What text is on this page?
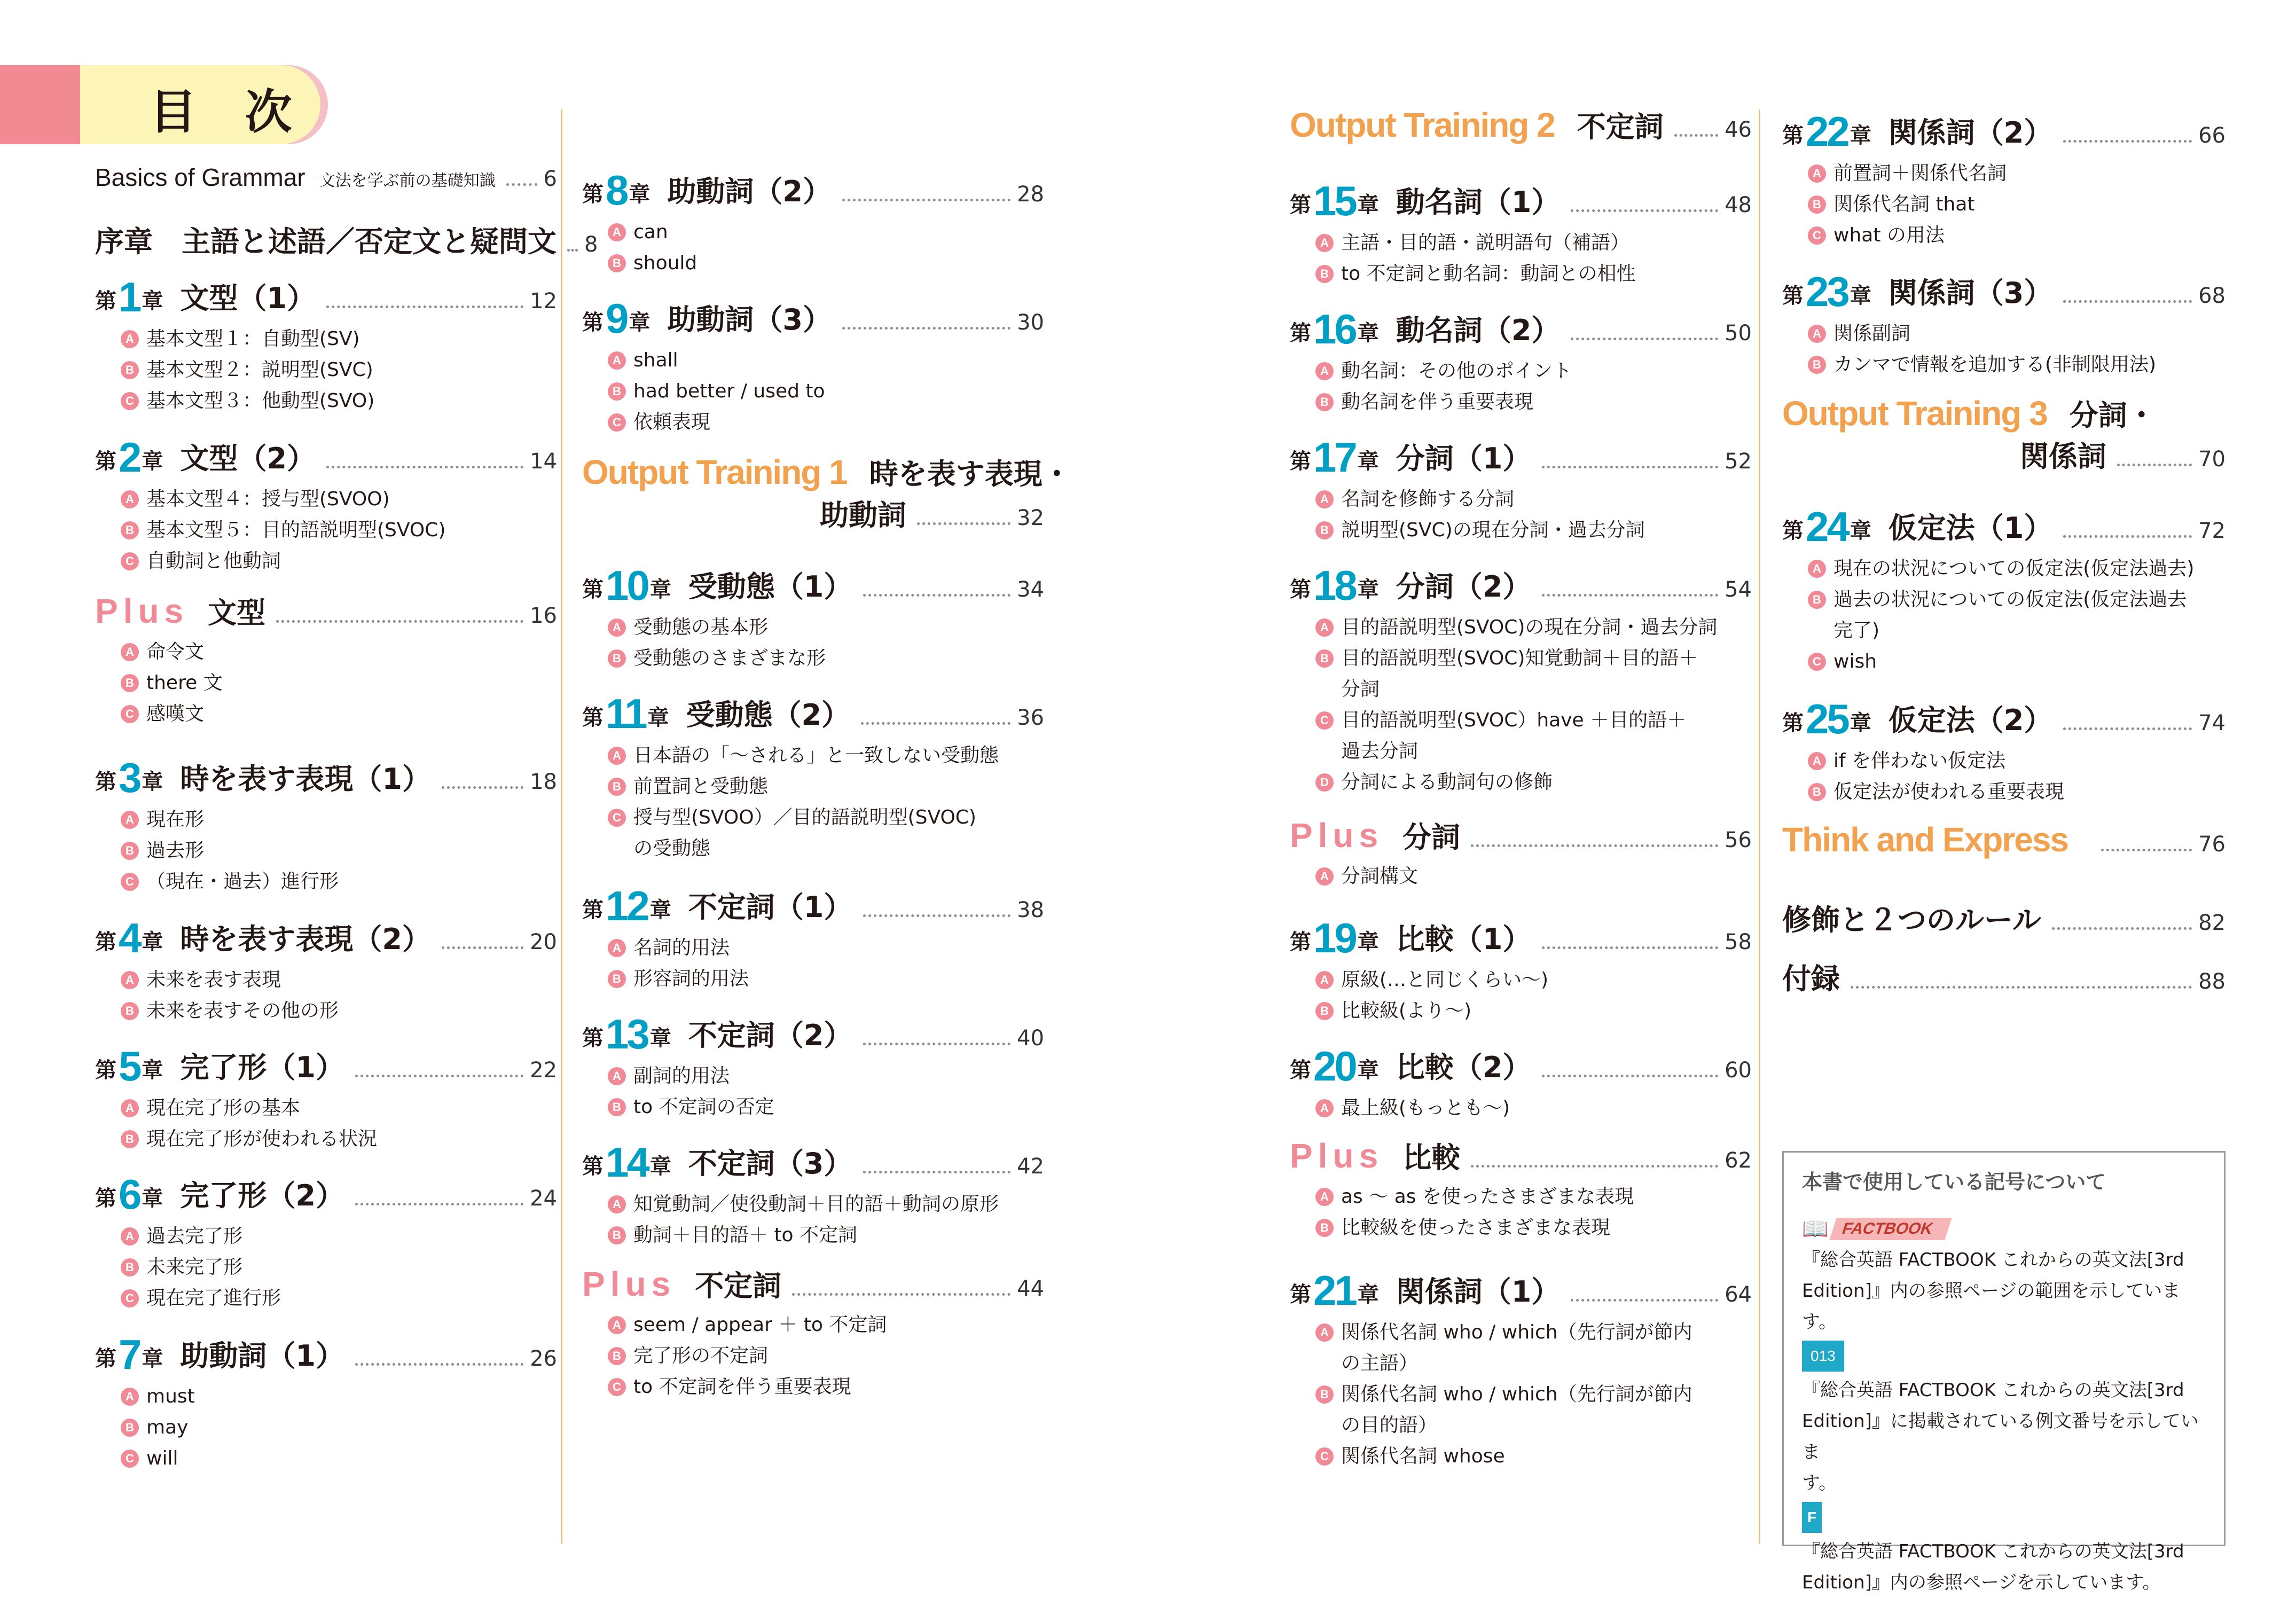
目 次
Basics of Grammar 文法を学ぶ前の基礎知識 6
序章　主語と述語／否定文と疑問文 8
第 1 章 文型（1）	12
A 基本文型１：自動型(SV)
B 基本文型２：説明型(SVC)
C 基本文型３：他動型(SVO)
第 2 章 文型（2）	14
A 基本文型４：授与型(SVOO)
B 基本文型５：目的語説明型(SVOC)
C 自動詞と他動詞
Plus 文型	16
A 命令文
B there 文
C 感嘆文
第 3 章 時を表す表現（1）	18
A 現在形
B 過去形
C （現在・過去）進行形
第 4 章 時を表す表現（2）	20
A 未来を表す表現
B 未来を表すその他の形
第 5 章 完了形（1）	22
A 現在完了形の基本
B 現在完了形が使われる状況
第 6 章 完了形（2）	24
A 過去完了形
B 未来完了形
C 現在完了進行形
第 7 章 助動詞（1）	26
A must
B may
C will
第 8 章 助動詞（2）	28
A can
B should
第 9 章 助動詞（3）	30
A shall
B had better / used to
C 依頼表現
Output Training 1 時を表す表現・
助動詞	32
第 10 章 受動態（1）	34
A 受動態の基本形
B 受動態のさまざまな形
第 11 章 受動態（2）	36
A 日本語の「〜される」と一致しない受動態
B 前置詞と受動態
C 授与型(SVOO）／目的語説明型(SVOC)
の受動態
第 12 章 不定詞（1）	38
A 名詞的用法
B 形容詞的用法
第 13 章 不定詞（2）	40
A 副詞的用法
B to 不定詞の否定
第 14 章 不定詞（3）	42
A 知覚動詞／使役動詞＋目的語＋動詞の原形
B 動詞＋目的語＋ to 不定詞
Plus 不定詞	44
A seem / appear ＋ to 不定詞
B 完了形の不定詞
C to 不定詞を伴う重要表現
Output Training 2 不定詞	46
第 15 章 動名詞（1）	48
A 主語・目的語・説明語句（補語）
B to 不定詞と動名詞：動詞との相性
第 16 章 動名詞（2）	50
A 動名詞：その他のポイント
B 動名詞を伴う重要表現
第 17 章 分詞（1）	52
A 名詞を修飾する分詞
B 説明型(SVC)の現在分詞・過去分詞
第 18 章 分詞（2）	54
A 目的語説明型(SVOC)の現在分詞・過去分詞
B 目的語説明型(SVOC)知覚動詞＋目的語＋
分詞
C 目的語説明型(SVOC）have ＋目的語＋
過去分詞
D 分詞による動詞句の修飾
Plus 分詞	56
A 分詞構文
第 19 章 比較（1）	58
A 原級(…と同じくらい〜)
B 比較級(より〜)
第 20 章 比較（2）	60
A 最上級(もっとも〜)
Plus 比較	62
A as 〜 as を使ったさまざまな表現
B 比較級を使ったさまざまな表現
第 21 章 関係詞（1）	64
A 関係代名詞 who / which（先行詞が節内
の主語）
B 関係代名詞 who / which（先行詞が節内
の目的語）
C 関係代名詞 whose
第 22 章 関係詞（2）	66
A 前置詞＋関係代名詞
B 関係代名詞 that
C what の用法
第 23 章 関係詞（3）	68
A 関係副詞
B カンマで情報を追加する(非制限用法)
Output Training 3 分詞・
関係詞	70
第 24 章 仮定法（1）	72
A 現在の状況についての仮定法(仮定法過去)
B 過去の状況についての仮定法(仮定法過去
完了)
C wish
第 25 章 仮定法（2）	74
A if を伴わない仮定法
B 仮定法が使われる重要表現
Think and Express	76
修飾と２つのルール	82
付録	88
本書で使用している記号について
📖 FACTBOOK
『総合英語 FACTBOOK これからの英文法[3rd
Edition]』内の参照ページの範囲を示しています。
013
『総合英語 FACTBOOK これからの英文法[3rd
Edition]』に掲載されている例文番号を示していま
す。
F
『総合英語 FACTBOOK これからの英文法[3rd
Edition]』内の参照ページを示しています。
